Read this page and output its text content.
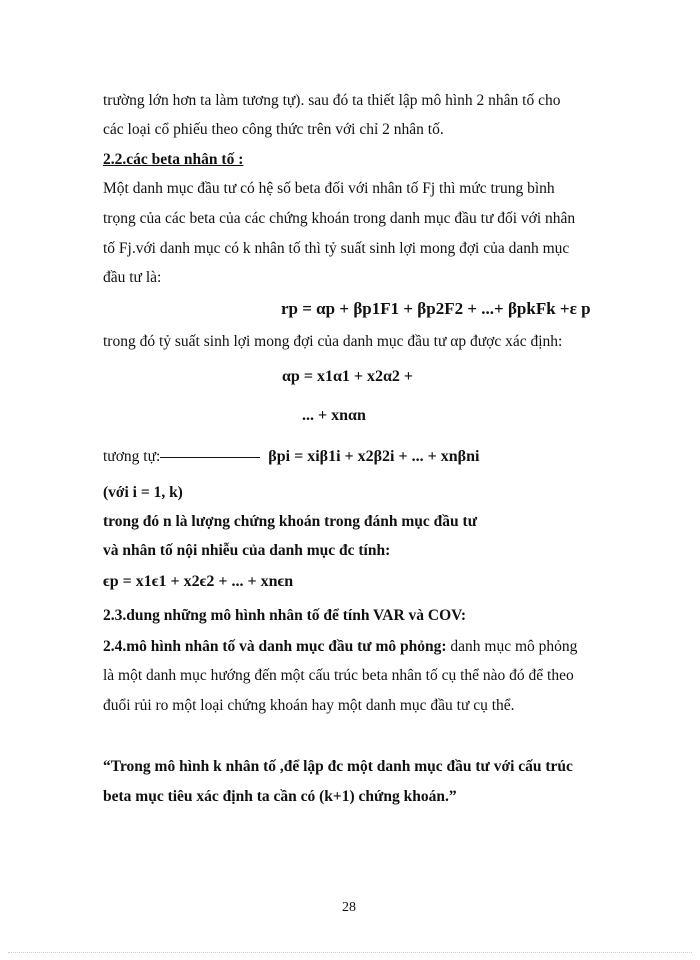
trường lớn hơn ta làm tương tự). sau đó ta thiết lập mô hình 2 nhân tố cho
các loại cổ phiếu theo công thức trên với chỉ 2 nhân tố.
2.2.các beta nhân tố :
Một danh mục đầu tư có hệ số beta đối với nhân tố Fj thì mức trung bình
trọng của các beta của các chứng khoán trong danh mục đầu tư đối với nhân
tố Fj.với danh mục có k nhân tố thì tỷ suất sinh lợi mong đợi của danh mục
đầu tư là:
rp = αp + βp1F1 + βp2F2 + ...+ βpkFk +ε p
trong đó tỷ suất sinh lợi mong đợi của danh mục đầu tư αp được xác định:
αp = x1α1 + x2α2 +
... + xnαn
tương tự:	βpi = xiβ1i + x2β2i + ... + xnβni
(với i = 1, k)
trong đó n là lượng chứng khoán trong đánh mục đầu tư
và nhân tố nội nhiễu của danh mục đc tính:
ϵp = x1ϵ1 + x2ϵ2 + ... + xnϵn
2.3.dung những mô hình nhân tố để tính VAR và COV:
2.4.mô hình nhân tố và danh mục đầu tư mô phỏng: danh mục mô phỏng
là một danh mục hướng đến một cấu trúc beta nhân tố cụ thể nào đó để theo
đuổi rủi ro một loại chứng khoán hay một danh mục đầu tư cụ thể.
“Trong mô hình k nhân tố ,để lập đc một danh mục đầu tư với cấu trúc
beta mục tiêu xác định ta cần có (k+1) chứng khoán.”
28
